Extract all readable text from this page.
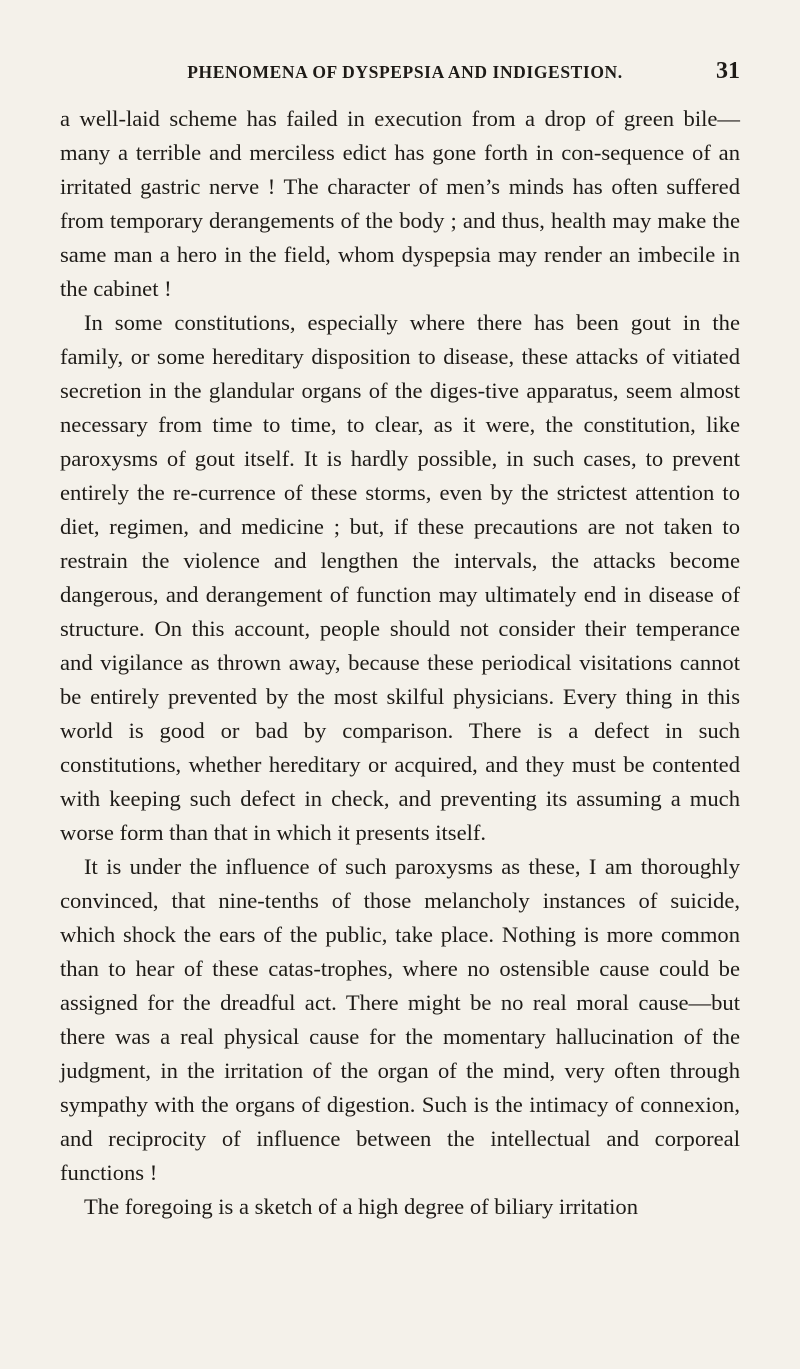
PHENOMENA OF DYSPEPSIA AND INDIGESTION.	31

a well-laid scheme has failed in execution from a drop of green bile—many a terrible and merciless edict has gone forth in con-sequence of an irritated gastric nerve ! The character of men’s minds has often suffered from temporary derangements of the body ; and thus, health may make the same man a hero in the field, whom dyspepsia may render an imbecile in the cabinet !

In some constitutions, especially where there has been gout in the family, or some hereditary disposition to disease, these attacks of vitiated secretion in the glandular organs of the diges-tive apparatus, seem almost necessary from time to time, to clear, as it were, the constitution, like paroxysms of gout itself. It is hardly possible, in such cases, to prevent entirely the re-currence of these storms, even by the strictest attention to diet, regimen, and medicine ; but, if these precautions are not taken to restrain the violence and lengthen the intervals, the attacks become dangerous, and derangement of function may ultimately end in disease of structure. On this account, people should not consider their temperance and vigilance as thrown away, because these periodical visitations cannot be entirely prevented by the most skilful physicians. Every thing in this world is good or bad by comparison. There is a defect in such constitutions, whether hereditary or acquired, and they must be contented with keeping such defect in check, and preventing its assuming a much worse form than that in which it presents itself.

It is under the influence of such paroxysms as these, I am thoroughly convinced, that nine-tenths of those melancholy instances of suicide, which shock the ears of the public, take place. Nothing is more common than to hear of these catas-trophes, where no ostensible cause could be assigned for the dreadful act. There might be no real moral cause—but there was a real physical cause for the momentary hallucination of the judgment, in the irritation of the organ of the mind, very often through sympathy with the organs of digestion. Such is the intimacy of connexion, and reciprocity of influence between the intellectual and corporeal functions !

The foregoing is a sketch of a high degree of biliary irritation
